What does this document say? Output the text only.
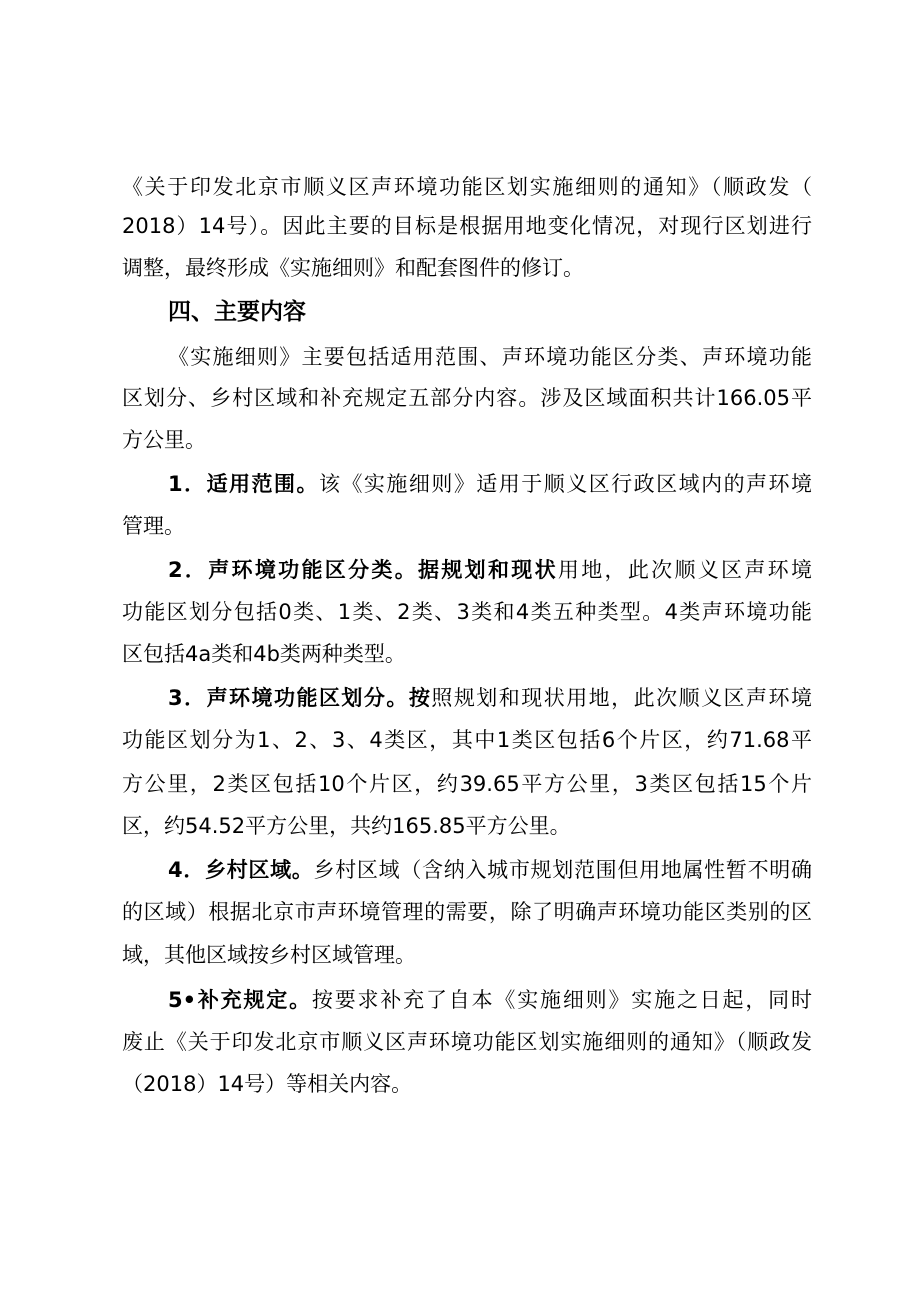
《关于印发北京市顺义区声环境功能区划实施细则的通知》（顺政发（
2018）14号）。因此主要的目标是根据用地变化情况，对现行区划进行
调整，最终形成《实施细则》和配套图件的修订。
四、主要内容
《实施细则》主要包括适用范围、声环境功能区分类、声环境功能
区划分、乡村区域和补充规定五部分内容。涉及区域面积共计166.05平
方公里。
1．适用范围。该《实施细则》适用于顺义区行政区域内的声环境
管理。
2．声环境功能区分类。据规划和现状用地，此次顺义区声环境
功能区划分包括0类、1类、2类、3类和4类五种类型。4类声环境功能
区包括4a类和4b类两种类型。
3．声环境功能区划分。按照规划和现状用地，此次顺义区声环境
功能区划分为1、2、3、4类区，其中1类区包括6个片区，约71.68平
方公里，2类区包括10个片区，约39.65平方公里，3类区包括15个片
区，约54.52平方公里，共约165.85平方公里。
4．乡村区域。乡村区域（含纳入城市规划范围但用地属性暂不明确
的区域）根据北京市声环境管理的需要，除了明确声环境功能区类别的区
域，其他区域按乡村区域管理。
5•补充规定。按要求补充了自本《实施细则》实施之日起，同时
废止《关于印发北京市顺义区声环境功能区划实施细则的通知》（顺政发
（2018）14号）等相关内容。
